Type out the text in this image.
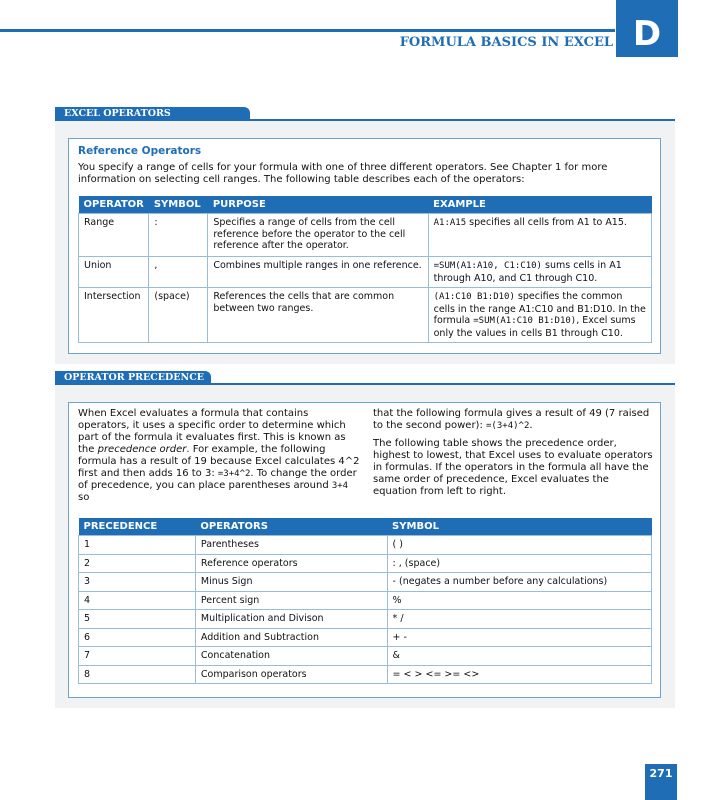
FORMULA BASICS IN EXCEL D
EXCEL OPERATORS
Reference Operators
You specify a range of cells for your formula with one of three different operators. See Chapter 1 for more information on selecting cell ranges. The following table describes each of the operators:
OPERATOR	SYMBOL	PURPOSE	EXAMPLE
Range	:	Specifies a range of cells from the cell reference before the operator to the cell reference after the operator.	A1:A15 specifies all cells from A1 to A15.
Union	,	Combines multiple ranges in one reference.	=SUM(A1:A10, C1:C10) sums cells in A1 through A10, and C1 through C10.
Intersection	(space)	References the cells that are common between two ranges.	(A1:C10 B1:D10) specifies the common cells in the range A1:C10 and B1:D10. In the formula =SUM(A1:C10 B1:D10), Excel sums only the values in cells B1 through C10.
OPERATOR PRECEDENCE

When Excel evaluates a formula that contains operators, it uses a specific order to determine which part of the formula it evaluates first. This is known as the precedence order. For example, the following formula has a result of 19 because Excel calculates 4^2 first and then adds 16 to 3: =3+4^2. To change the order of precedence, you can place parentheses around 3+4 so

that the following formula gives a result of 49 (7 raised to the second power): =(3+4)^2.

The following table shows the precedence order, highest to lowest, that Excel uses to evaluate operators in formulas. If the operators in the formula all have the same order of precedence, Excel evaluates the equation from left to right.

PRECEDENCE	OPERATORS	SYMBOL
1	Parentheses	( )
2	Reference operators	: , (space)
3	Minus Sign	- (negates a number before any calculations)
4	Percent sign	%
5	Multiplication and Divison	* /
6	Addition and Subtraction	+ -
7	Concatenation	&
8	Comparison operators	= < > <= >= <>
271
